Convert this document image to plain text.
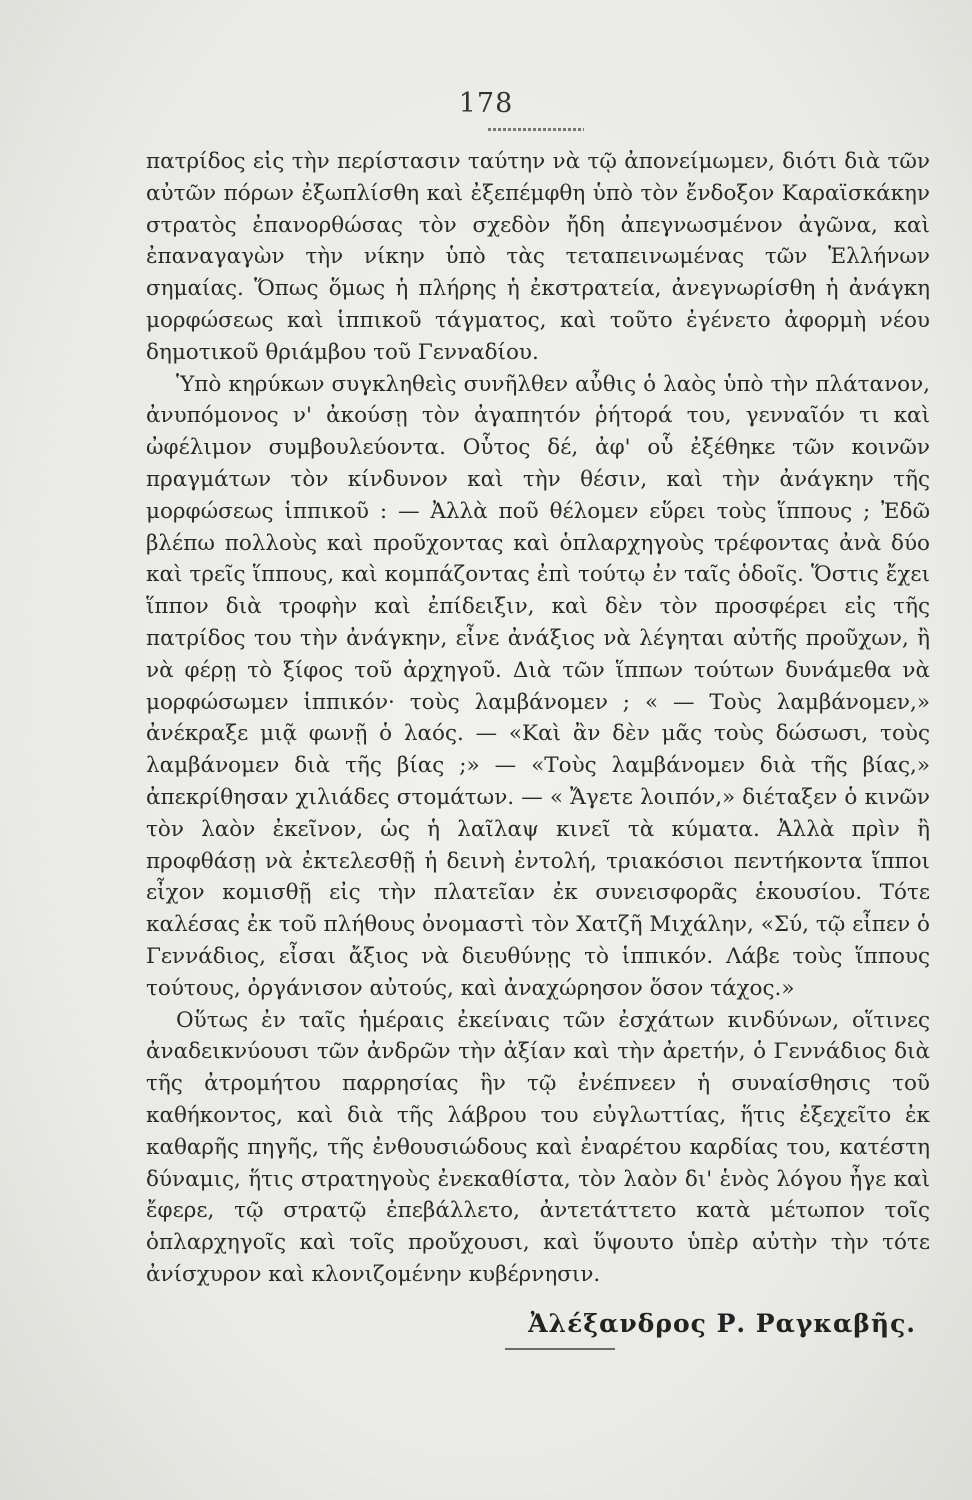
178

πατρίδος εἰς τὴν περίστασιν ταύτην νὰ τῷ ἀπονείμωμεν, διότι διὰ τῶν αὐτῶν πόρων ἐξωπλίσθη καὶ ἐξεπέμφθη ὑπὸ τὸν ἔνδοξον Καραϊσκάκην στρατὸς ἐπανορθώσας τὸν σχεδὸν ἤδη ἀπεγνωσμένον ἀγῶνα, καὶ ἐπαναγαγὼν τὴν νίκην ὑπὸ τὰς τεταπεινωμένας τῶν Ἑλλήνων σημαίας. Ὅπως ὅμως ἡ πλήρης ἡ ἐκστρατεία, ἀνεγνωρίσθη ἡ ἀνάγκη μορφώσεως καὶ ἱππικοῦ τάγματος, καὶ τοῦτο ἐγένετο ἀφορμὴ νέου δημοτικοῦ θριάμβου τοῦ Γενναδίου.

Ὑπὸ κηρύκων συγκληθεὶς συνῆλθεν αὖθις ὁ λαὸς ὑπὸ τὴν πλάτανον, ἀνυπόμονος ν' ἀκούσῃ τὸν ἀγαπητόν ῥήτορά του, γενναῖόν τι καὶ ὠφέλιμον συμβουλεύοντα. Οὗτος δέ, ἀφ' οὗ ἐξέθηκε τῶν κοινῶν πραγμάτων τὸν κίνδυνον καὶ τὴν θέσιν, καὶ τὴν ἀνάγκην τῆς μορφώσεως ἱππικοῦ : — Ἀλλὰ ποῦ θέλομεν εὕρει τοὺς ἵππους ; Ἐδῶ βλέπω πολλοὺς καὶ πρoῦχοντας καὶ ὁπλαρχηγοὺς τρέφοντας ἀνὰ δύο καὶ τρεῖς ἵππους, καὶ κομπάζοντας ἐπὶ τούτῳ ἐν ταῖς ὁδοῖς. Ὅστις ἔχει ἵππον διὰ τροφὴν καὶ ἐπίδειξιν, καὶ δὲν τὸν προσφέρει εἰς τῆς πατρίδος του τὴν ἀνάγκην, εἶνε ἀνάξιος νὰ λέγηται αὐτῆς προῦχων, ἢ νὰ φέρῃ τὸ ξίφος τοῦ ἀρχηγοῦ. Διὰ τῶν ἵππων τούτων δυνάμεθα νὰ μορφώσωμεν ἱππικόν· τοὺς λαμβάνομεν ; « — Τοὺς λαμβάνομεν,» ἀνέκραξε μιᾷ φωνῇ ὁ λαός. — «Καὶ ἂν δὲν μᾶς τοὺς δώσωσι, τοὺς λαμβάνομεν διὰ τῆς βίας ;» — «Τοὺς λαμβάνομεν διὰ τῆς βίας,» ἀπεκρίθησαν χιλιάδες στομάτων. — « Ἄγετε λοιπόν,» διέταξεν ὁ κινῶν τὸν λαὸν ἐκεῖνον, ὡς ἡ λαῖλαψ κινεῖ τὰ κύματα. Ἀλλὰ πρὶν ἢ προφθάσῃ νὰ ἐκτελεσθῇ ἡ δεινὴ ἐντολή, τριακόσιοι πεντήκοντα ἵπποι εἶχον κομισθῇ εἰς τὴν πλατεῖαν ἐκ συνεισφορᾶς ἑκουσίου. Τότε καλέσας ἐκ τοῦ πλήθους ὀνομαστὶ τὸν Χατζῆ Μιχάλην, «Σύ, τῷ εἶπεν ὁ Γεννάδιος, εἶσαι ἄξιος νὰ διευθύνῃς τὸ ἱππικόν. Λάβε τοὺς ἵππους τούτους, ὀργάνισον αὐτούς, καὶ ἀναχώρησον ὅσον τάχος.»

Οὕτως ἐν ταῖς ἡμέραις ἐκείναις τῶν ἐσχάτων κινδύνων, οἵτινες ἀναδεικνύουσι τῶν ἀνδρῶν τὴν ἀξίαν καὶ τὴν ἀρετήν, ὁ Γεννάδιος διὰ τῆς ἀτρομήτου παρρησίας ἣν τῷ ἐνέπνεεν ἡ συναίσθησις τοῦ καθήκοντος, καὶ διὰ τῆς λάβρου του εὐγλωττίας, ἥτις ἐξεχεῖτο ἐκ καθαρῆς πηγῆς, τῆς ἐνθουσιώδους καὶ ἐναρέτου καρδίας του, κατέστη δύναμις, ἥτις στρατηγοὺς ἐνεκαθίστα, τὸν λαὸν δι' ἑνὸς λόγου ἦγε καὶ ἔφερε, τῷ στρατῷ ἐπεβάλλετο, ἀντετάττετο κατὰ μέτωπον τοῖς ὁπλαρχηγοῖς καὶ τοῖς προὔχουσι, καὶ ὕψουτο ὑπὲρ αὐτὴν τὴν τότε ἀνίσχυρον καὶ κλονιζομένην κυβέρνησιν.

Ἀλέξανδρος Ρ. Ραγκαβῆς.
